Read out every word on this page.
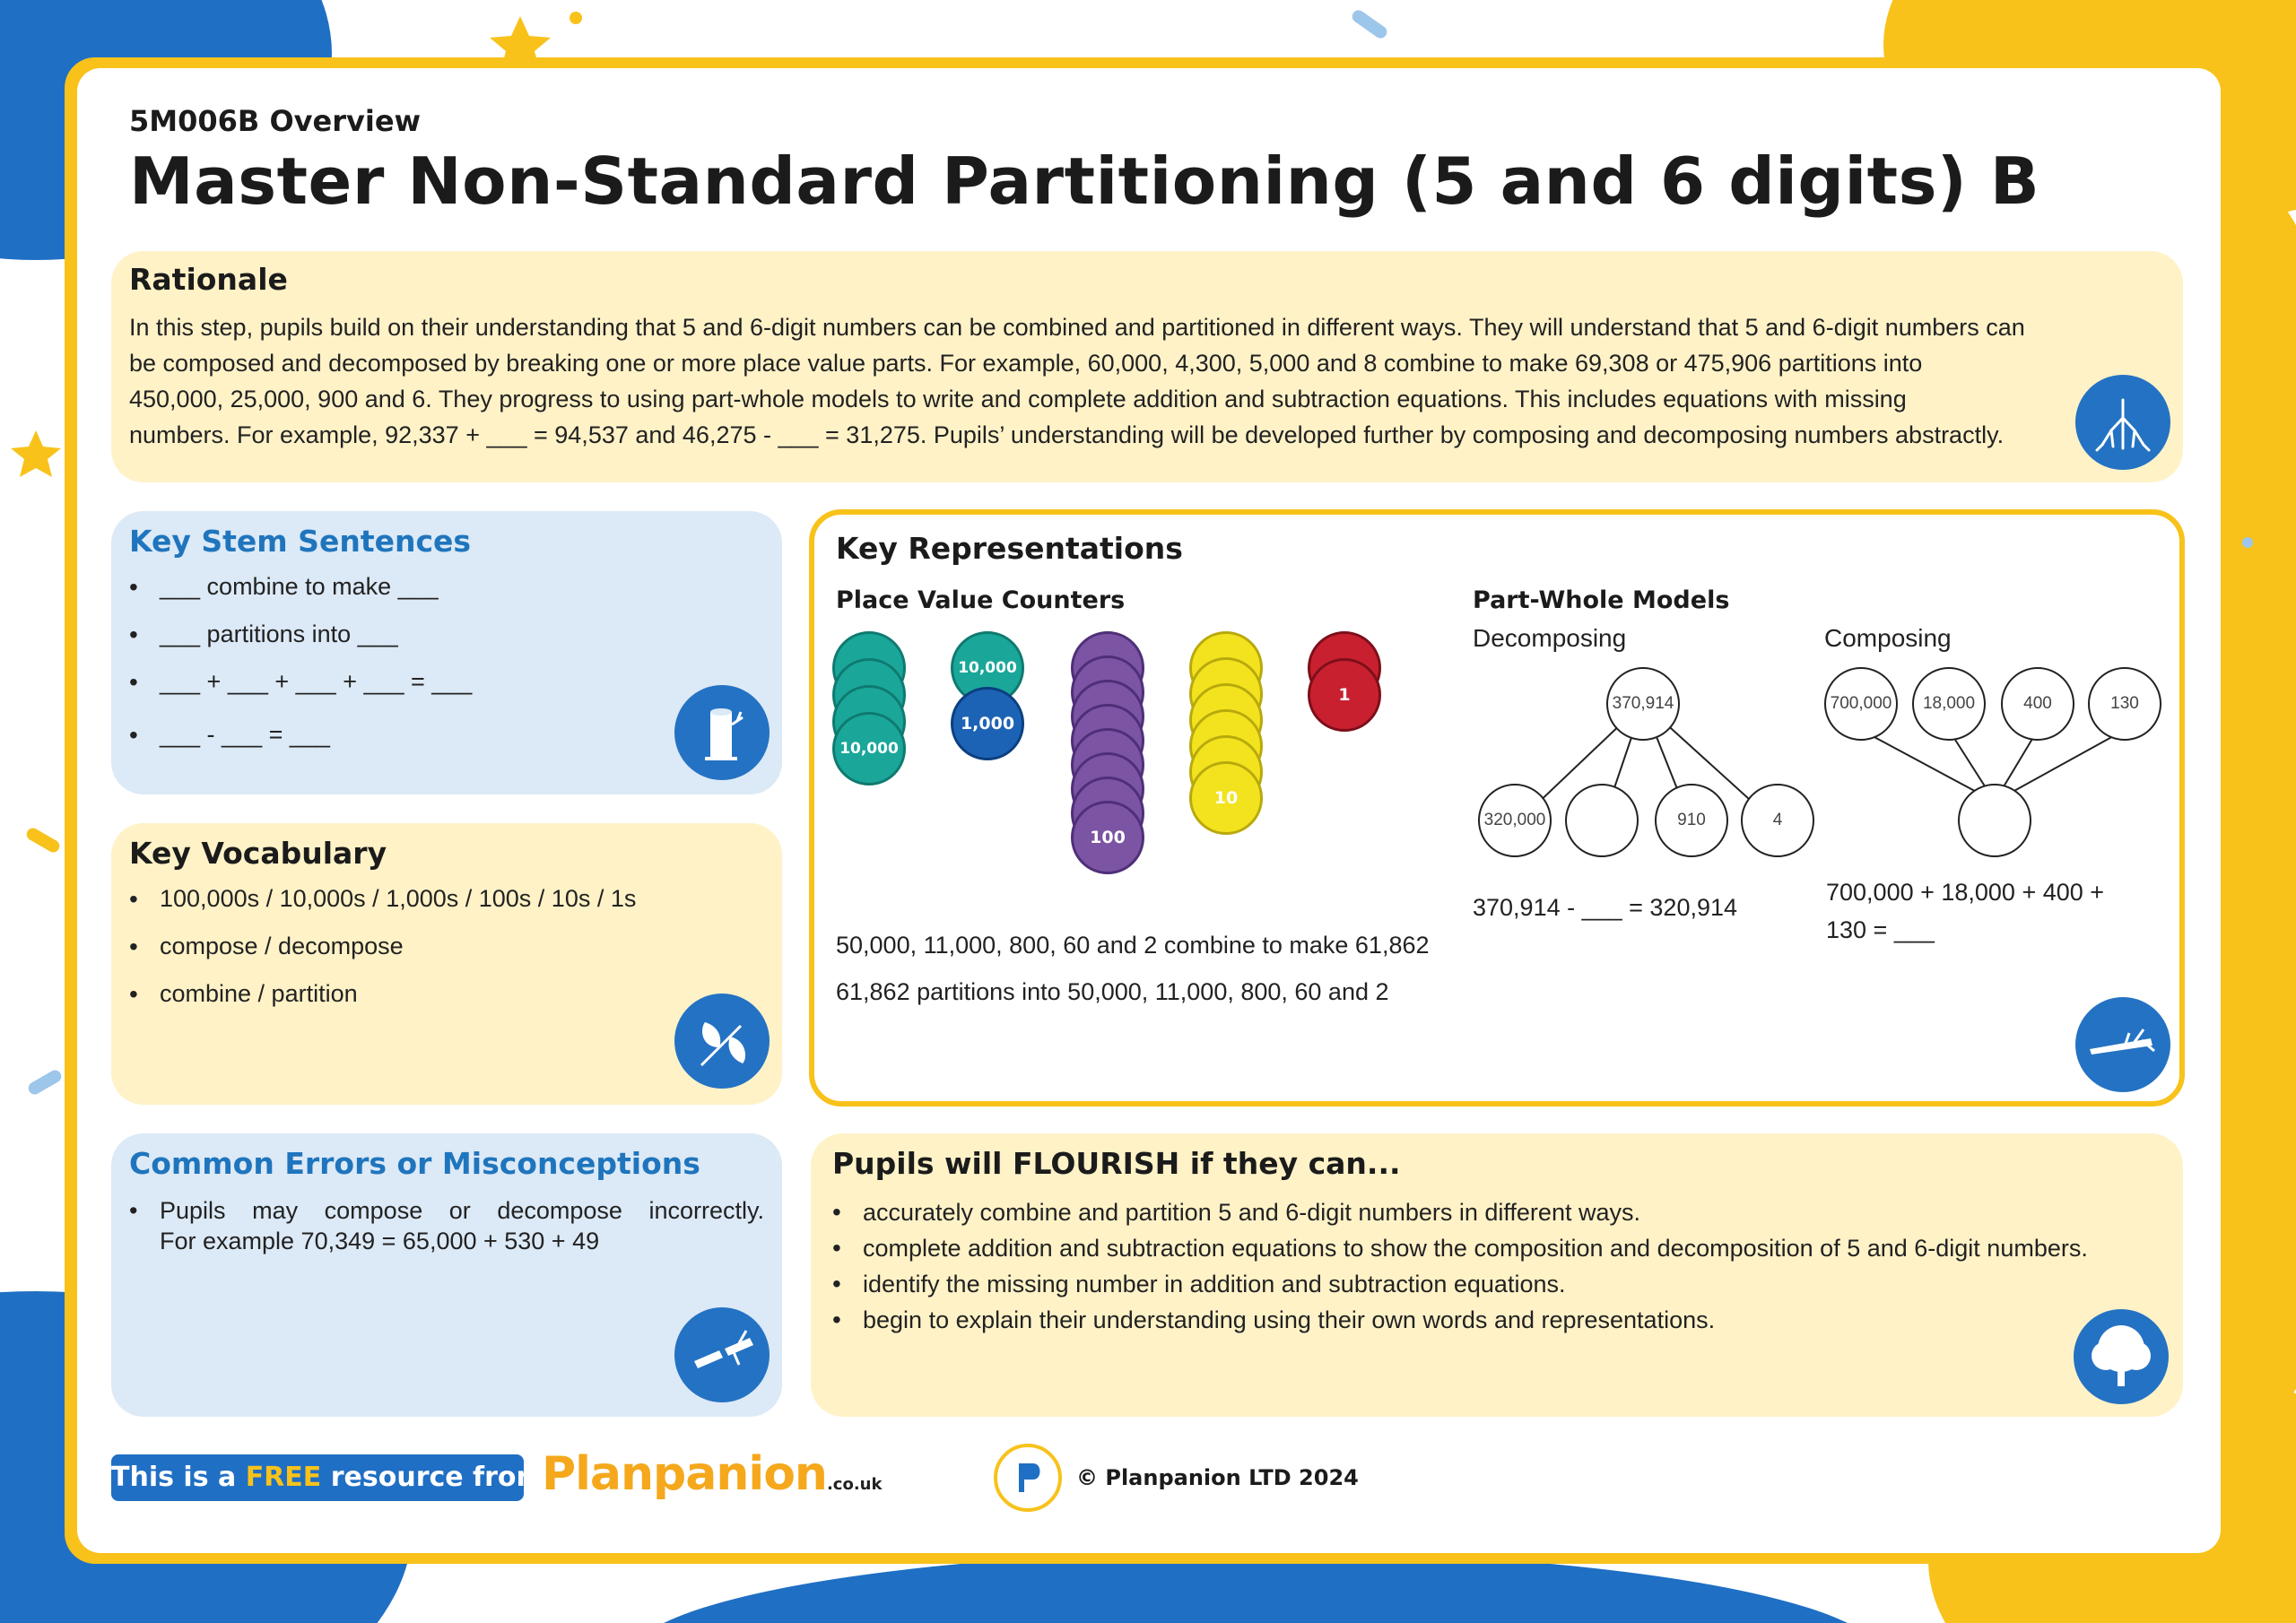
5M006B Overview
Master Non-Standard Partitioning (5 and 6 digits) B
Rationale
In this step, pupils build on their understanding that 5 and 6-digit numbers can be combined and partitioned in different ways. They will understand that 5 and 6-digit numbers can
be composed and decomposed by breaking one or more place value parts. For example, 60,000, 4,300, 5,000 and 8 combine to make 69,308 or 475,906 partitions into
450,000, 25,000, 900 and 6. They progress to using part-whole models to write and complete addition and subtraction equations. This includes equations with missing
numbers. For example, 92,337 + ___ = 94,537 and 46,275 - ___ = 31,275. Pupils’ understanding will be developed further by composing and decomposing numbers abstractly.
Key Stem Sentences
• ___ combine to make ___
• ___ partitions into ___
• ___ + ___ + ___ + ___ = ___
• ___ - ___ = ___
Key Vocabulary
• 100,000s / 10,000s / 1,000s / 100s / 10s / 1s
• compose / decompose
• combine / partition
Common Errors or Misconceptions
• Pupils may compose or decompose incorrectly.
For example 70,349 = 65,000 + 530 + 49
Key Representations
Place Value Counters
10,000
10,000
1,000
100
10
1
50,000, 11,000, 800, 60 and 2 combine to make 61,862
61,862 partitions into 50,000, 11,000, 800, 60 and 2
Part-Whole Models
Decomposing	Composing
370,914
320,000	910	4
370,914 - ___ = 320,914
700,000	18,000	400	130
700,000 + 18,000 + 400 +
130 = ___
Pupils will FLOURISH if they can...
• accurately combine and partition 5 and 6-digit numbers in different ways.
• complete addition and subtraction equations to show the composition and decomposition of 5 and 6-digit numbers.
• identify the missing number in addition and subtraction equations.
• begin to explain their understanding using their own words and representations.
This is a FREE resource from
Planpanion.co.uk	© Planpanion LTD 2024
